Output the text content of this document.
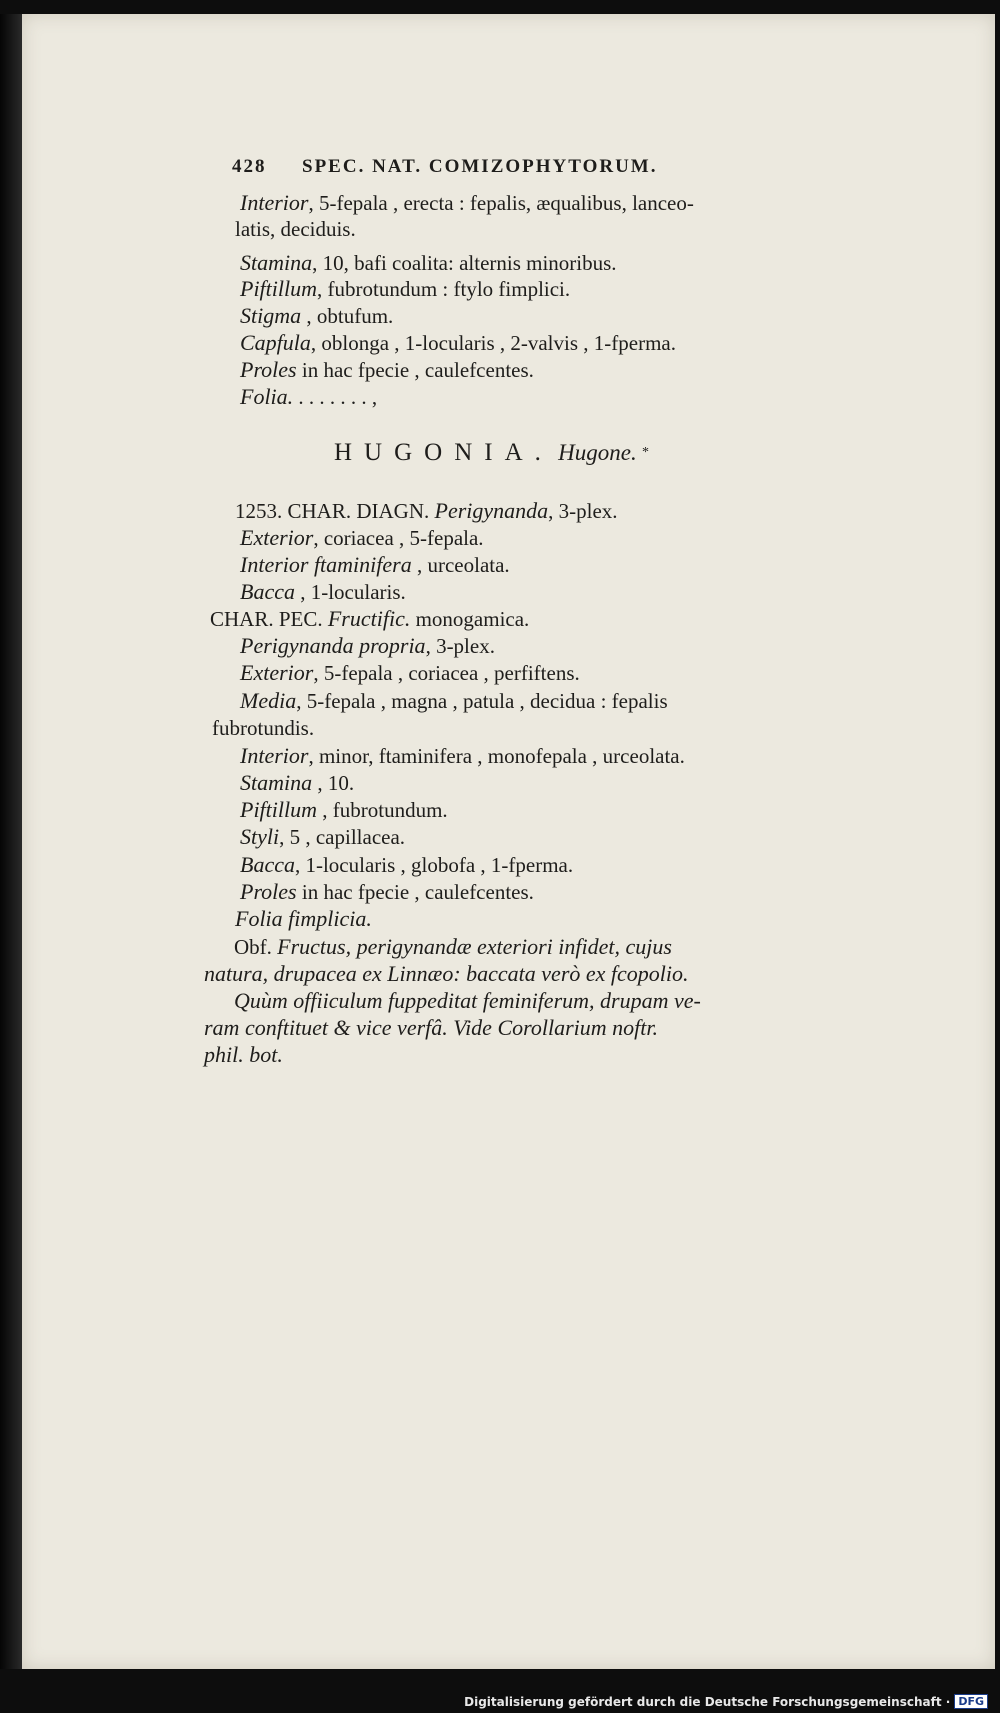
428 SPEC. NAT. COMIZOPHYTORUM.
Interior, 5-fepala , erecta : fepalis, æqualibus, lanceo-
latis, deciduis.
Stamina, 10, bafi coalita: alternis minoribus.
Piftillum, fubrotundum : ftylo fimplici.
Stigma , obtufum.
Capfula, oblonga , 1-locularis , 2-valvis , 1-fperma.
Proles in hac fpecie , caulefcentes.
Folia. . . . . . . . ,
HUGONIA. Hugone. *
1253. CHAR. DIAGN. Perigynanda, 3-plex.
Exterior, coriacea , 5-fepala.
Interior ftaminifera , urceolata.
Bacca , 1-locularis.
CHAR. PEC. Fructific. monogamica.
Perigynanda propria, 3-plex.
Exterior, 5-fepala , coriacea , perfiftens.
Media, 5-fepala , magna , patula , decidua : fepalis
fubrotundis.
Interior, minor, ftaminifera , monofepala , urceolata.
Stamina , 10.
Piftillum , fubrotundum.
Styli, 5 , capillacea.
Bacca, 1-locularis , globofa , 1-fperma.
Proles in hac fpecie , caulefcentes.
Folia fimplicia.
Obf. Fructus, perigynandæ exteriori infidet, cujus
natura, drupacea ex Linnæo: baccata verò ex fcopolio.
Quùm offiiculum fuppeditat feminiferum, drupam ve-
ram conftituet & vice verfâ. Vide Corollarium noftr.
phil. bot.
Digitalisierung gefördert durch die Deutsche Forschungsgemeinschaft · DFG
